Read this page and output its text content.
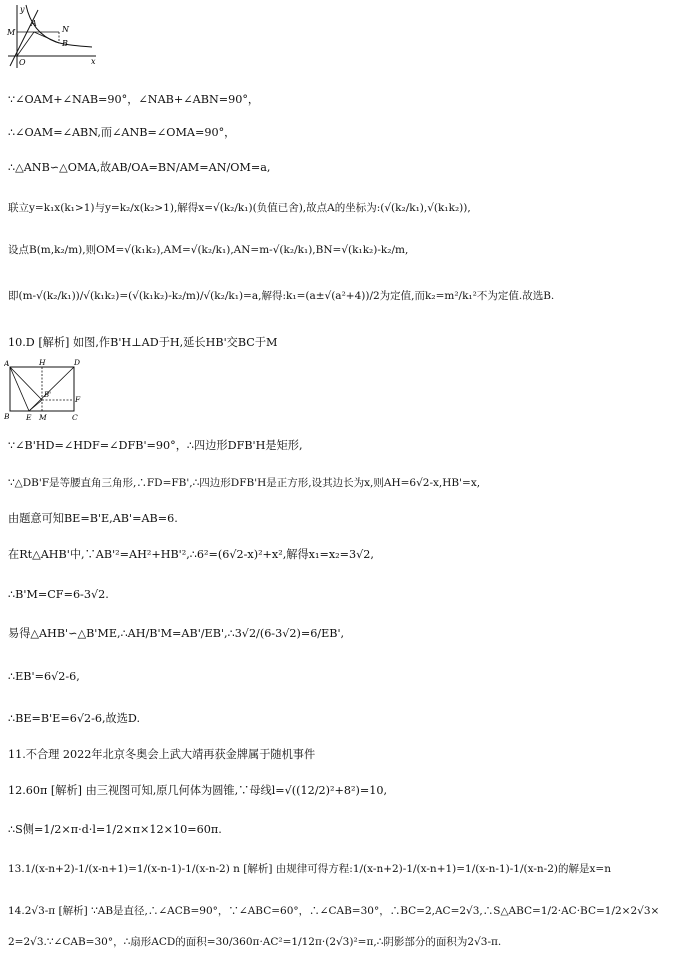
y
A
N
M
B
O	x
∵∠OAM+∠NAB=90°，∠NAB+∠ABN=90°，
∴∠OAM=∠ABN,而∠ANB=∠OMA=90°，
∴△ANB∽△OMA,故AB/OA=BN/AM=AN/OM=a,
联立y=k₁x(k₁>1)与y=k₂/x(k₂>1),解得x=√(k₂/k₁)(负值已舍),故点A的坐标为:(√(k₂/k₁),√(k₁k₂)),
设点B(m,k₂/m),则OM=√(k₁k₂),AM=√(k₂/k₁),AN=m-√(k₂/k₁),BN=√(k₁k₂)-k₂/m,
即(m-√(k₂/k₁))/√(k₁k₂)=(√(k₁k₂)-k₂/m)/√(k₂/k₁)=a,解得:k₁=(a±√(a²+4))/2为定值,而k₂=m²/k₁²不为定值.故选B.
10.D [解析] 如图,作B'H⊥AD于H,延长HB'交BC于M
A	H	D
B'	F
B E M	C
∵∠B'HD=∠HDF=∠DFB'=90°，∴四边形DFB'H是矩形,
∵△DB'F是等腰直角三角形,∴FD=FB',∴四边形DFB'H是正方形,设其边长为x,则AH=6√2-x,HB'=x,
由题意可知BE=B'E,AB'=AB=6.
在Rt△AHB'中,∵AB'²=AH²+HB'²,∴6²=(6√2-x)²+x²,解得x₁=x₂=3√2,
∴B'M=CF=6-3√2.
易得△AHB'∽△B'ME,∴AH/B'M=AB'/EB',∴3√2/(6-3√2)=6/EB',
∴EB'=6√2-6,
∴BE=B'E=6√2-6,故选D.
11.不合理 2022年北京冬奥会上武大靖再获金牌属于随机事件
12.60π [解析] 由三视图可知,原几何体为圆锥,∵母线l=√((12/2)²+8²)=10,
∴S侧=1/2×π·d·l=1/2×π×12×10=60π.
13.1/(x-n+2)-1/(x-n+1)=1/(x-n-1)-1/(x-n-2) n [解析] 由规律可得方程:1/(x-n+2)-1/(x-n+1)=1/(x-n-1)-1/(x-n-2)的解是x=n
14.2√3-π [解析] ∵AB是直径,∴∠ACB=90°，∵∠ABC=60°，∴∠CAB=30°，∴BC=2,AC=2√3,∴S△ABC=1/2·AC·BC=1/2×2√3×
2=2√3.∵∠CAB=30°，∴扇形ACD的面积=30/360π·AC²=1/12π·(2√3)²=π,∴阴影部分的面积为2√3-π.
